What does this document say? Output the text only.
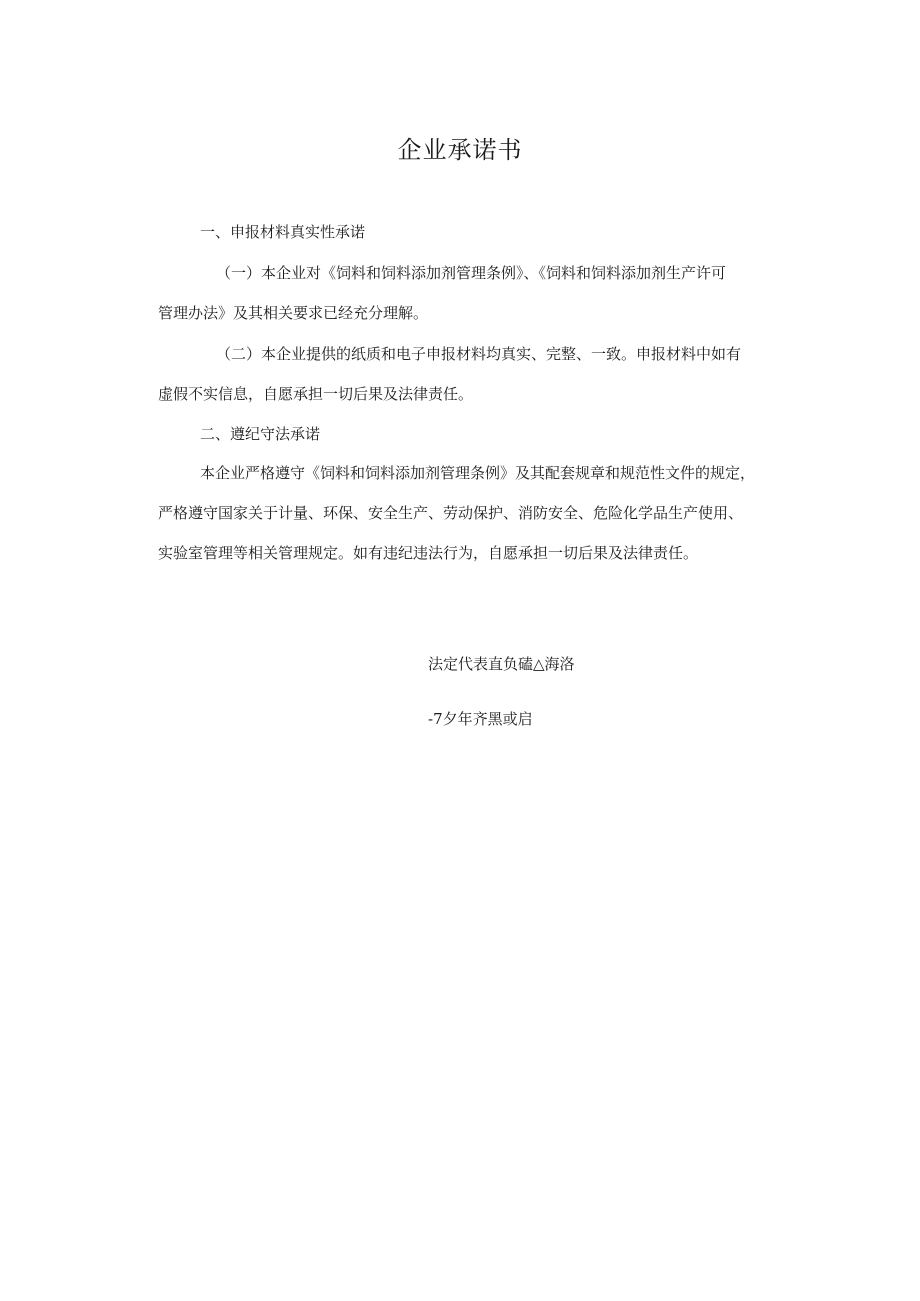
企业承诺书
一、申报材料真实性承诺
（一）本企业对《饲料和饲料添加剂管理条例》、《饲料和饲料添加剂生产许可
管理办法》及其相关要求已经充分理解。
（二）本企业提供的纸质和电子申报材料均真实、完整、一致。申报材料中如有
虚假不实信息，自愿承担一切后果及法律责任。
二、遵纪守法承诺
本企业严格遵守《饲料和饲料添加剂管理条例》及其配套规章和规范性文件的规定，
严格遵守国家关于计量、环保、安全生产、劳动保护、消防安全、危险化学品生产使用、
实验室管理等相关管理规定。如有违纪违法行为，自愿承担一切后果及法律责任。
法定代表直负磕△海洛
-7夕年齐黑或启
